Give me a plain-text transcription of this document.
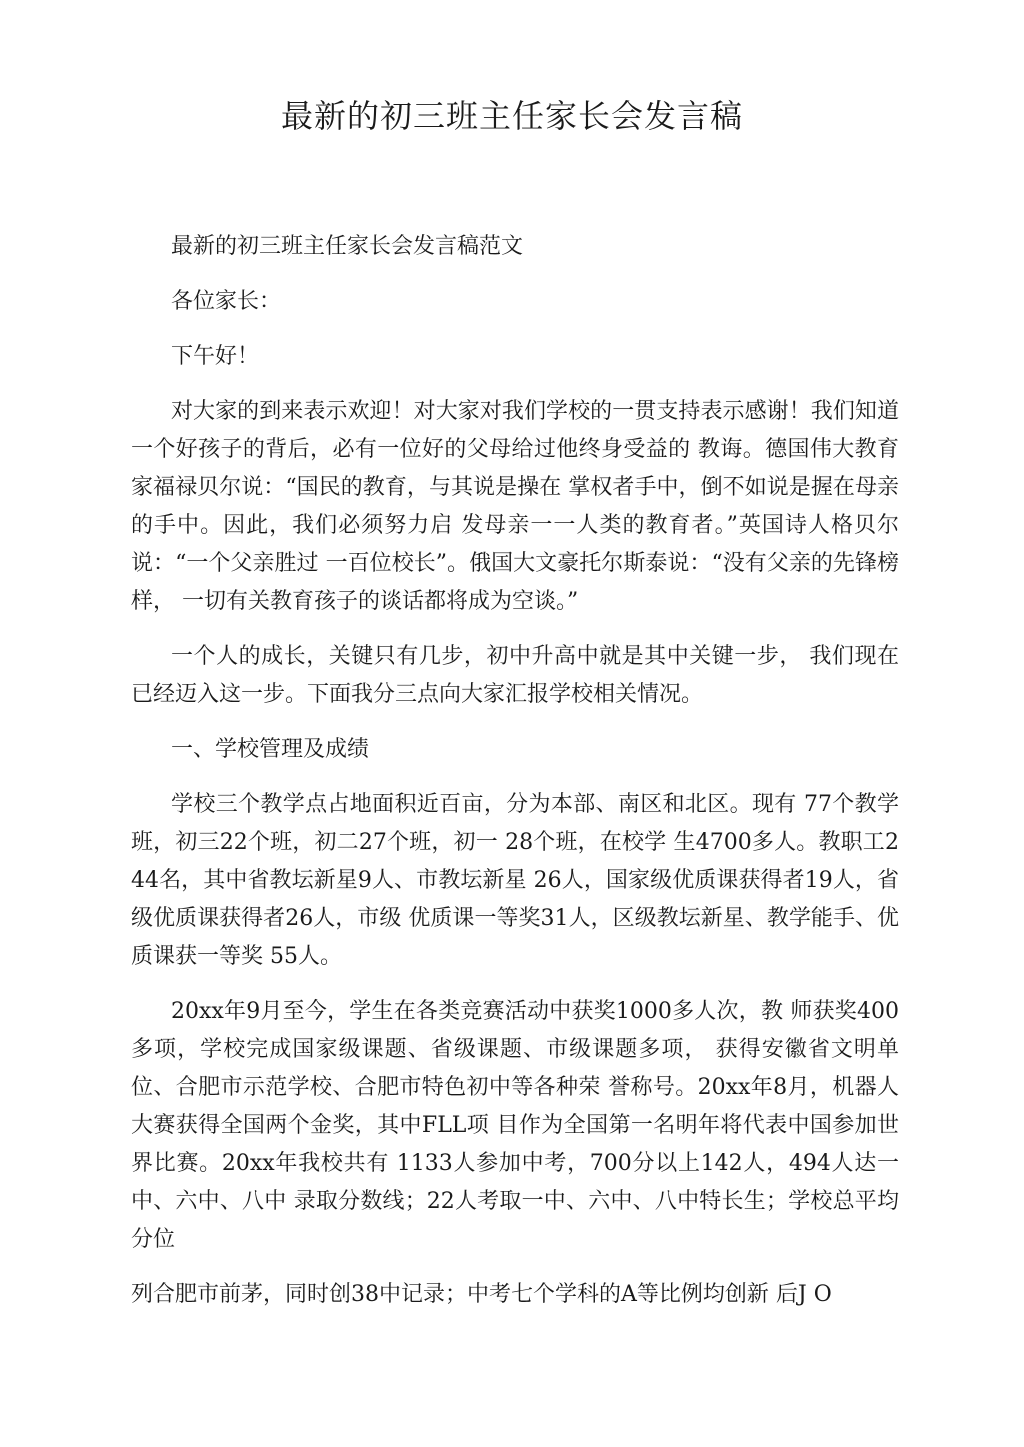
最新的初三班主任家长会发言稿

最新的初三班主任家长会发言稿范文

各位家长：

下午好！

对大家的到来表示欢迎！对大家对我们学校的一贯支持表示感谢！我们知道一个好孩子的背后，必有一位好的父母给过他终身受益的 教诲。德国伟大教育家福禄贝尔说：“国民的教育，与其说是操在 掌权者手中，倒不如说是握在母亲的手中。因此，我们必须努力启 发母亲一一人类的教育者。”英国诗人格贝尔说：“一个父亲胜过 一百位校长”。俄国大文豪托尔斯泰说：“没有父亲的先锋榜样， 一切有关教育孩子的谈话都将成为空谈。”

一个人的成长，关键只有几步，初中升高中就是其中关键一步， 我们现在已经迈入这一步。下面我分三点向大家汇报学校相关情况。

一、学校管理及成绩

学校三个教学点占地面积近百亩，分为本部、南区和北区。现有 77个教学班，初三22个班，初二27个班，初一 28个班，在校学 生4700多人。教职工244名，其中省教坛新星9人、市教坛新星 26人，国家级优质课获得者19人，省级优质课获得者26人，市级 优质课一等奖31人，区级教坛新星、教学能手、优质课获一等奖 55人。

20xx年9月至今，学生在各类竞赛活动中获奖1000多人次，教 师获奖400多项，学校完成国家级课题、省级课题、市级课题多项， 获得安徽省文明单位、合肥市示范学校、合肥市特色初中等各种荣 誉称号。20xx年8月，机器人大赛获得全国两个金奖，其中FLL项 目作为全国第一名明年将代表中国参加世界比赛。20xx年我校共有 1133人参加中考，700分以上142人，494人达一中、六中、八中 录取分数线；22人考取一中、六中、八中特长生；学校总平均分位

列合肥市前茅，同时创38中记录；中考七个学科的A等比例均创新 后J O
